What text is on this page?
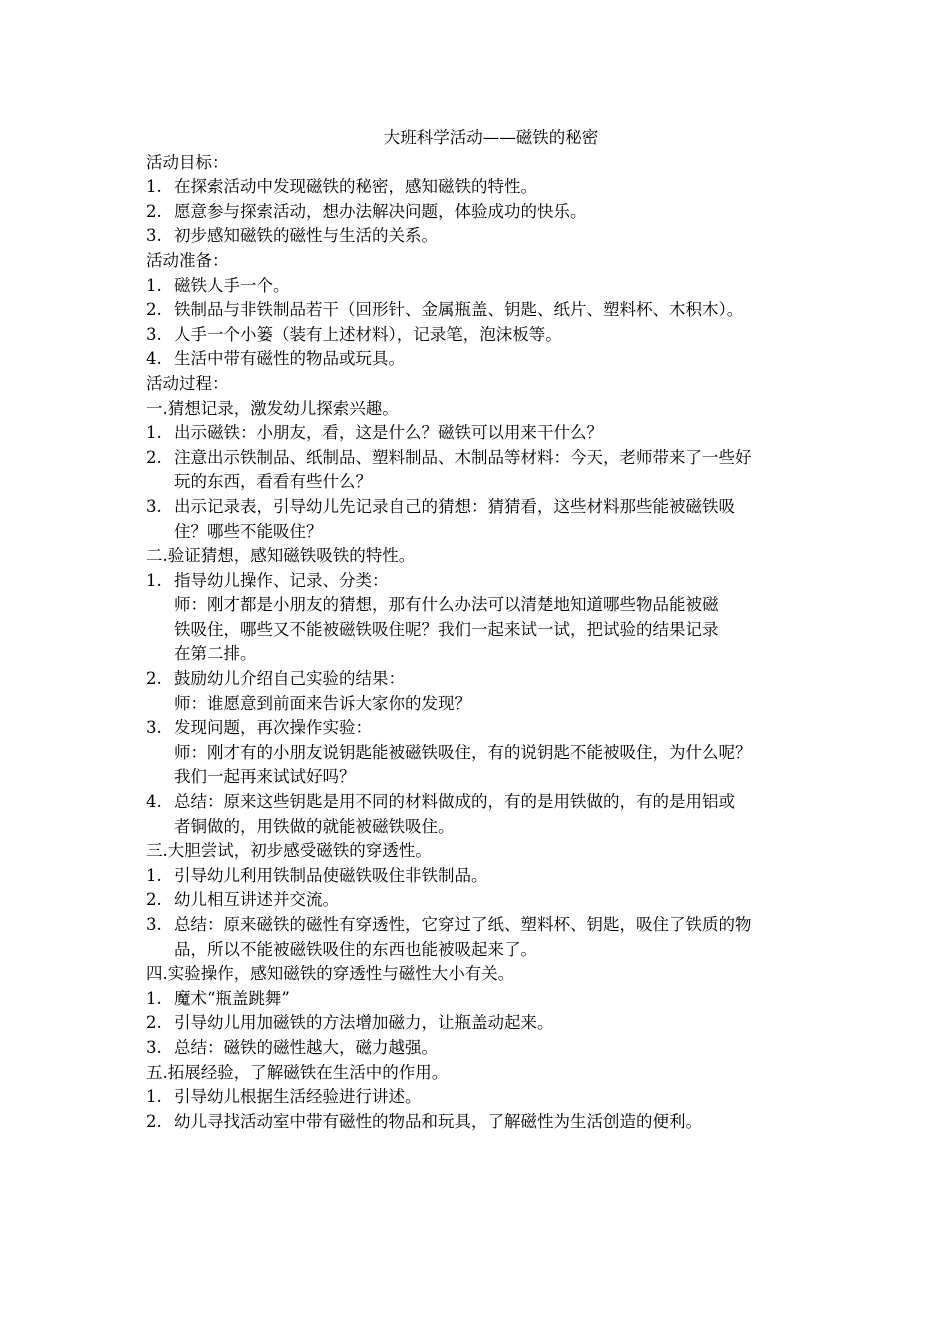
大班科学活动——磁铁的秘密
活动目标：
1. 在探索活动中发现磁铁的秘密，感知磁铁的特性。
2. 愿意参与探索活动，想办法解决问题，体验成功的快乐。
3. 初步感知磁铁的磁性与生活的关系。
活动准备：
1. 磁铁人手一个。
2. 铁制品与非铁制品若干（回形针、金属瓶盖、钥匙、纸片、塑料杯、木积木）。
3. 人手一个小篓（装有上述材料），记录笔，泡沫板等。
4. 生活中带有磁性的物品或玩具。
活动过程：
一.猜想记录，激发幼儿探索兴趣。
1. 出示磁铁：小朋友，看，这是什么？磁铁可以用来干什么？
2. 注意出示铁制品、纸制品、塑料制品、木制品等材料：今天，老师带来了一些好
玩的东西，看看有些什么？
3. 出示记录表，引导幼儿先记录自己的猜想：猜猜看，这些材料那些能被磁铁吸
住？哪些不能吸住？
二.验证猜想，感知磁铁吸铁的特性。
1. 指导幼儿操作、记录、分类：
师：刚才都是小朋友的猜想，那有什么办法可以清楚地知道哪些物品能被磁
铁吸住，哪些又不能被磁铁吸住呢？我们一起来试一试，把试验的结果记录
在第二排。
2. 鼓励幼儿介绍自己实验的结果：
师：谁愿意到前面来告诉大家你的发现？
3. 发现问题，再次操作实验：
师：刚才有的小朋友说钥匙能被磁铁吸住，有的说钥匙不能被吸住，为什么呢？
我们一起再来试试好吗？
4. 总结：原来这些钥匙是用不同的材料做成的，有的是用铁做的，有的是用铝或
者铜做的，用铁做的就能被磁铁吸住。
三.大胆尝试，初步感受磁铁的穿透性。
1. 引导幼儿利用铁制品使磁铁吸住非铁制品。
2. 幼儿相互讲述并交流。
3. 总结：原来磁铁的磁性有穿透性，它穿过了纸、塑料杯、钥匙，吸住了铁质的物
品，所以不能被磁铁吸住的东西也能被吸起来了。
四.实验操作，感知磁铁的穿透性与磁性大小有关。
1. 魔术“瓶盖跳舞”
2. 引导幼儿用加磁铁的方法增加磁力，让瓶盖动起来。
3. 总结：磁铁的磁性越大，磁力越强。
五.拓展经验，了解磁铁在生活中的作用。
1. 引导幼儿根据生活经验进行讲述。
2. 幼儿寻找活动室中带有磁性的物品和玩具，了解磁性为生活创造的便利。
